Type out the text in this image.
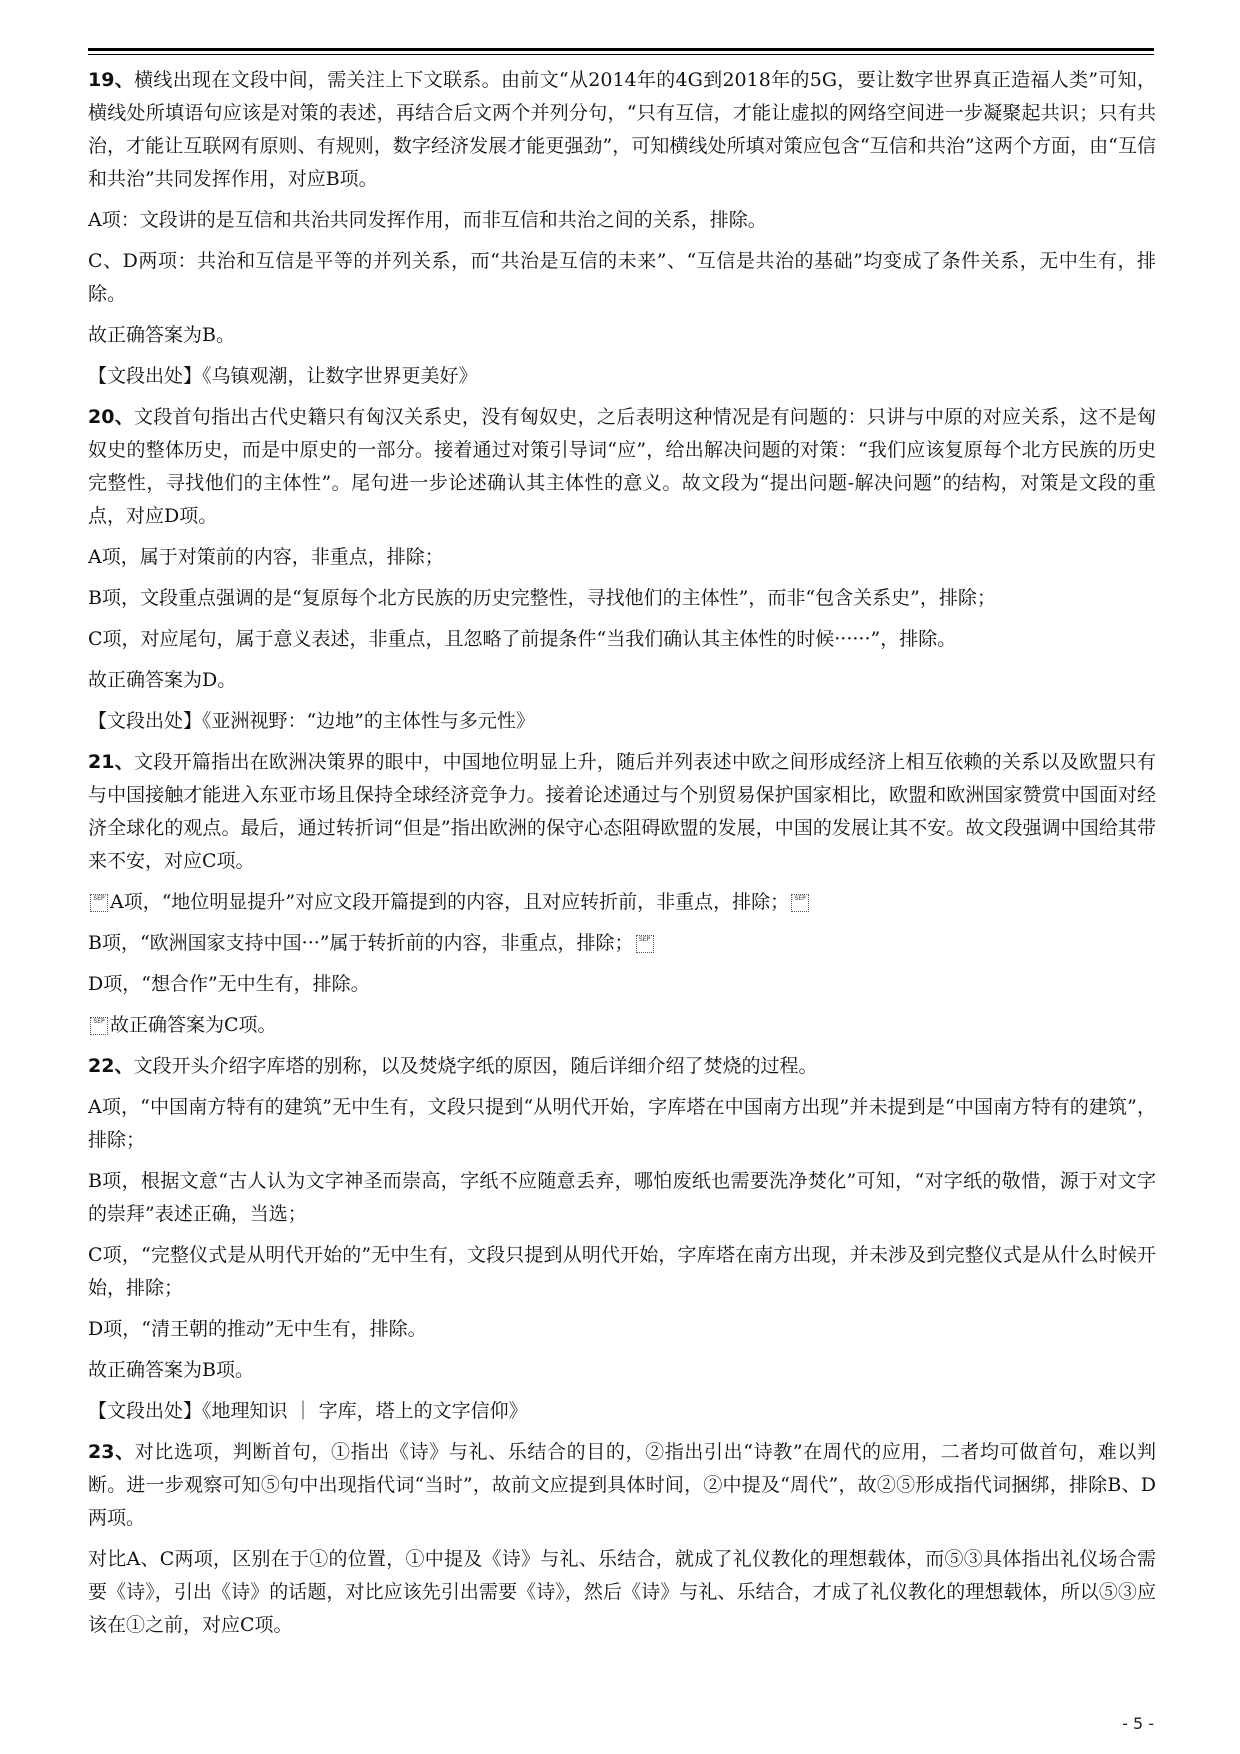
19、横线出现在文段中间，需关注上下文联系。由前文“从2014年的4G到2018年的5G，要让数字世界真正造福人类”可知，横线处所填语句应该是对策的表述，再结合后文两个并列分句，“只有互信，才能让虚拟的网络空间进一步凝聚起共识；只有共治，才能让互联网有原则、有规则，数字经济发展才能更强劲”，可知横线处所填对策应包含“互信和共治”这两个方面，由“互信和共治”共同发挥作用，对应B项。

A项：文段讲的是互信和共治共同发挥作用，而非互信和共治之间的关系，排除。

C、D两项：共治和互信是平等的并列关系，而“共治是互信的未来”、“互信是共治的基础”均变成了条件关系，无中生有，排除。

故正确答案为B。

【文段出处】《乌镇观潮，让数字世界更美好》

20、文段首句指出古代史籍只有匈汉关系史，没有匈奴史，之后表明这种情况是有问题的：只讲与中原的对应关系，这不是匈奴史的整体历史，而是中原史的一部分。接着通过对策引导词“应”，给出解决问题的对策：“我们应该复原每个北方民族的历史完整性，寻找他们的主体性”。尾句进一步论述确认其主体性的意义。故文段为“提出问题-解决问题”的结构，对策是文段的重点，对应D项。

A项，属于对策前的内容，非重点，排除；

B项，文段重点强调的是“复原每个北方民族的历史完整性，寻找他们的主体性”，而非“包含关系史”，排除；

C项，对应尾句，属于意义表述，非重点，且忽略了前提条件“当我们确认其主体性的时候······”，排除。

故正确答案为D。

【文段出处】《亚洲视野：“边地”的主体性与多元性》

21、文段开篇指出在欧洲决策界的眼中，中国地位明显上升，随后并列表述中欧之间形成经济上相互依赖的关系以及欧盟只有与中国接触才能进入东亚市场且保持全球经济竞争力。接着论述通过与个别贸易保护国家相比，欧盟和欧洲国家赞赏中国面对经济全球化的观点。最后，通过转折词“但是”指出欧洲的保守心态阻碍欧盟的发展，中国的发展让其不安。故文段强调中国给其带来不安，对应C项。

SEP A项，“地位明显提升”对应文段开篇提到的内容，且对应转折前，非重点，排除； SEP

B项，“欧洲国家支持中国···”属于转折前的内容，非重点，排除； SEP

D项，“想合作”无中生有，排除。

SEP 故正确答案为C项。

22、文段开头介绍字库塔的别称，以及焚烧字纸的原因，随后详细介绍了焚烧的过程。

A项，“中国南方特有的建筑”无中生有，文段只提到“从明代开始，字库塔在中国南方出现”并未提到是“中国南方特有的建筑”，排除；

B项，根据文意“古人认为文字神圣而崇高，字纸不应随意丢弃，哪怕废纸也需要洗净焚化”可知，“对字纸的敬惜，源于对文字的崇拜”表述正确，当选；

C项，“完整仪式是从明代开始的”无中生有，文段只提到从明代开始，字库塔在南方出现，并未涉及到完整仪式是从什么时候开始，排除；

D项，“清王朝的推动”无中生有，排除。

故正确答案为B项。

【文段出处】《地理知识 ｜ 字库，塔上的文字信仰》

23、对比选项，判断首句，①指出《诗》与礼、乐结合的目的，②指出引出“诗教”在周代的应用，二者均可做首句，难以判断。进一步观察可知⑤句中出现指代词“当时”，故前文应提到具体时间，②中提及“周代”，故②⑤形成指代词捆绑，排除B、D两项。

对比A、C两项，区别在于①的位置，①中提及《诗》与礼、乐结合，就成了礼仪教化的理想载体，而⑤③具体指出礼仪场合需要《诗》，引出《诗》的话题，对比应该先引出需要《诗》，然后《诗》与礼、乐结合，才成了礼仪教化的理想载体，所以⑤③应该在①之前，对应C项。

- 5 -
